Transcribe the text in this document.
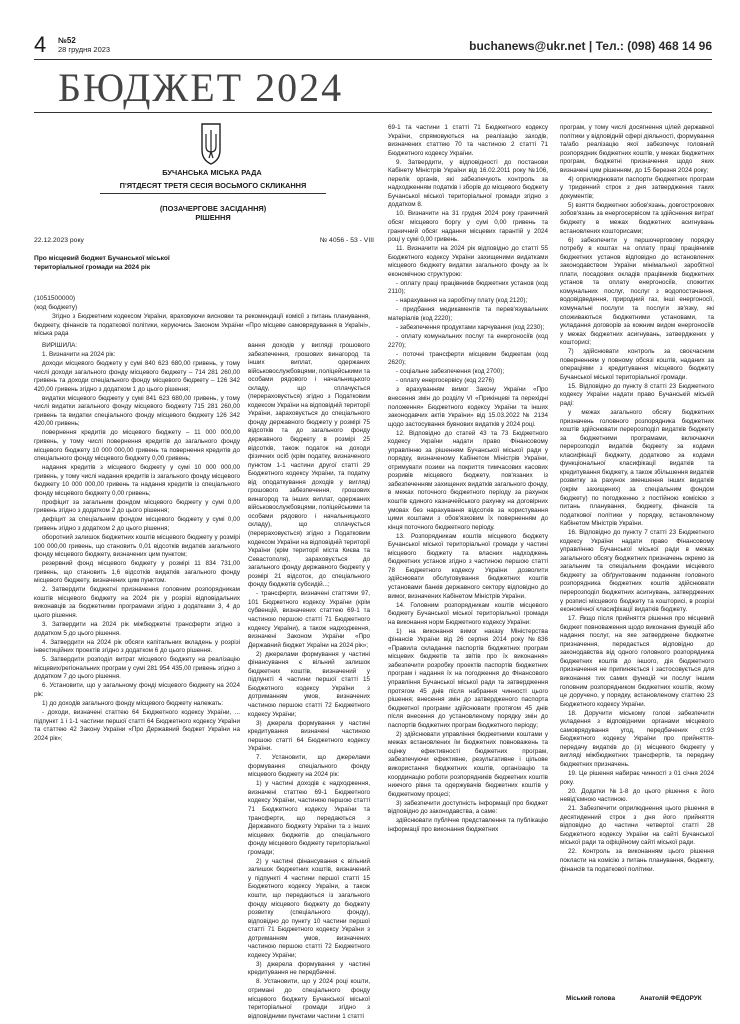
4 №52
28 грудня 2023	buchanews@ukr.net | Тел.: (098) 468 14 96
БЮДЖЕТ 2024
БУЧАНСЬКА МІСЬКА РАДА
П'ЯТДЕСЯТ ТРЕТЯ СЕСІЯ ВОСЬМОГО СКЛИКАННЯ
(ПОЗАЧЕРГОВЕ ЗАСІДАННЯ)
РІШЕННЯ
22.12.2023 року	№ 4056 - 53 - VIII
Про місцевий бюджет Бучанської міської територіальної громади на 2024 рік
(1051500000)
(код бюджету)
Згідно з Бюджетним кодексом України, враховуючи висновки та рекомендації комісії з питань планування, бюджету, фінансів та податкової політики, керуючись Законом України «Про місцеве самоврядування в Україні», міська рада

ВИРІШИЛА:

1. Визначити на 2024 рік:

доходи місцевого бюджету у сумі 840 623 680,00 гривень, у тому числі доходи загального фонду місцевого бюджету – 714 281 260,00 гривень та доходи спеціального фонду місцевого бюджету – 126 342 420,00 гривень згідно з додатком 1 до цього рішення;

видатки місцевого бюджету у сумі 841 623 680,00 гривень, у тому числі видатки загального фонду місцевого бюджету 715 281 260,00 гривень та видатки спеціального фонду місцевого бюджету 126 342 420,00 гривень;

повернення кредитів до місцевого бюджету – 11 000 000,00 гривень, у тому числі повернення кредитів до загального фонду місцевого бюджету 10 000 000,00 гривень та повернення кредитів до спеціального фонду місцевого бюджету 0,00 гривень;

надання кредитів з місцевого бюджету у сумі 10 000 000,00 гривень, у тому числі надання кредитів із загального фонду місцевого бюджету 10 000 000,00 гривень та надання кредитів із спеціального фонду місцевого бюджету 0,00 гривень;

профіцит за загальним фондом місцевого бюджету у сумі 0,00 гривень згідно з додатком 2 до цього рішення;

дефіцит за спеціальним фондом місцевого бюджету у сумі 0,00 гривень згідно з додатком 2 до цього рішення;

оборотний залишок бюджетних коштів місцевого бюджету у розмірі 100 000,00 гривень, що становить 0,01 відсотків видатків загального фонду місцевого бюджету, визначених цим пунктом;

резервний фонд місцевого бюджету у розмірі 11 834 731,00 гривень, що становить 1,6 відсотків видатків загального фонду місцевого бюджету, визначених цим пунктом.

2. Затвердити бюджетні призначення головним розпорядникам коштів місцевого бюджету на 2024 рік у розрізі відповідальних виконавців за бюджетними програмами згідно з додатками 3, 4 до цього рішення.

3. Затвердити на 2024 рік міжбюджетні трансферти згідно з додатком 5 до цього рішення.

4. Затвердити на 2024 рік обсяги капітальних вкладень у розрізі інвестиційних проектів згідно з додатком 6 до цього рішення.

5. Затвердити розподіл витрат місцевого бюджету на реалізацію місцевих/регіональних програм у сумі 281 954 435,00 гривень згідно з додатком 7 до цього рішення.

6. Установити, що у загальному фонді місцевого бюджету на 2024 рік:

1) до доходів загального фонду місцевого бюджету належать:

- доходи, визначені статтею 64 Бюджетного кодексу України, ... підпункт 1 і 1-1 частини першої статті 64 Бюджетного кодексу України та статтею 42 Закону України «Про Державний бюджет України на 2024 рік»;

вання доходів у вигляді грошового забезпечення, грошових винагород та інших виплат, одержаних військовослужбовцями, поліцейськими та особами рядового і начальницького складу, що сплачується (перераховується) згідно з Податковим кодексом України на відповідній території України, зараховується до спеціального фонду державного бюджету у розмірі 75 відсотків та до загального фонду державного бюджету в розмірі 25 відсотків, також податок на доходи фізичних осіб (крім податку, визначеного пунктом 1-1 частини другої статті 29 Бюджетного кодексу України, та податку від оподаткування доходів у вигляді грошового забезпечення, грошових винагород та інших виплат, одержаних військовослужбовцями, поліцейськими та особами рядового і начальницького складу), що сплачується (перераховується) згідно з Податковим кодексом України на відповідній території України (крім території міста Києва та Севастополя), зараховується до загального фонду державного бюджету у розмірі 21 відсоток, до спеціального фонду бюджетів субсидій...;

- трансферти, визначені статтями 97, 101 Бюджетного кодексу України (крім субвенцій, визначених статтею 69-1 та частиною першою статті 71 Бюджетного кодексу України), а також надходження, визначені Законом України «Про Державний бюджет України на 2024 рік»;

2) джерелами формування у частині фінансування є вільний залишок бюджетних коштів, визначений у підпункті 4 частини першої статті 15 Бюджетного кодексу України з дотриманням умов, визначених частиною першою статті 72 Бюджетного кодексу України;

3) джерела формування у частині кредитування визначені частиною першою статті 64 Бюджетного кодексу України.

7. Установити, що джерелами формування спеціального фонду місцевого бюджету на 2024 рік:

1) у частині доходів є надходження, визначені статтею 69-1 Бюджетного кодексу України, частиною першою статті 71 Бюджетного кодексу України та трансферти, що передаються з Державного бюджету України та з інших місцевих бюджетів до спеціального фонду місцевого бюджету територіальної громади;

2) у частині фінансування є вільний залишок бюджетних коштів, визначений у підпункті 4 частини першої статті 15 Бюджетного кодексу України, а також кошти, що передаються із загального фонду місцевого бюджету до бюджету розвитку (спеціального фонду), відповідно до пункту 10 частини першої статті 71 Бюджетного кодексу України з дотриманням умов, визначених частиною першою статті 72 Бюджетного кодексу України;

3) джерела формування у частині кредитування не передбачені.

8. Установити, що у 2024 році кошти, отримані до спеціального фонду місцевого бюджету Бучанської міської територіальної громади згідно з відповідними пунктами частини 1 статті

69-1 та частини 1 статті 71 Бюджетного кодексу України, спрямовуються на реалізацію заходів, визначених статтею 70 та частиною 2 статті 71 Бюджетного кодексу України.

9. Затвердити, у відповідності до постанови Кабінету Міністрів України від 16.02.2011 року №106, перелік органів, які забезпечують контроль за надходженням податків і зборів до місцевого бюджету Бучанської міської територіальної громади згідно з додатком 8.

10. Визначити на 31 грудня 2024 року граничний обсяг місцевого боргу у сумі 0,00 гривень та граничний обсяг надання місцевих гарантій у 2024 році у сумі 0,00 гривень.

11. Визначити на 2024 рік відповідно до статті 55 Бюджетного кодексу України захищеними видатками місцевого бюджету видатки загального фонду за їх економічною структурою:

- оплату праці працівників бюджетних установ (код 2110);

- нарахування на заробітну плату (код 2120);

- придбання медикаментів та перев'язувальних матеріалів (код 2220);

- забезпечення продуктами харчування (код 2230);

- оплату комунальних послуг та енергоносіїв (код 2270);

- поточні трансферти місцевим бюджетам (код 2620);

- соціальне забезпечення (код 2700);

- оплату енергосервісу (код 2276)

з врахуванням вимог Закону України «Про внесення змін до розділу VI «Прикінцеві та перехідні положення» Бюджетного кодексу України та інших законодавчих актів України» від 15.03.2022 № 2134 щодо застосування бувнових видатків у 2024 році.

12. Відповідно до статей 43 та 73 Бюджетного кодексу України надати право Фінансовому управлінню за рішенням Бучанської міської ради у порядку, визначеному Кабінетом Міністрів України, отримувати позики на покриття тимчасових касових розривів місцевого бюджету, пов'язаних із забезпеченням захищених видатків загального фонду, в межах поточного бюджетного періоду за рахунок коштів єдиного казначейського рахунку на договірних умовах без нарахування відсотків за користування цими коштами з обов'язковим їх поверненням до кінця поточного бюджетного періоду.

13. Розпорядникам коштів місцевого бюджету Бучанської міської територіальної громади у частині місцевого бюджету та власних надходжень бюджетних установ згідно з частиною першою статті 78 Бюджетного кодексу України дозволити здійснювати обслуговування бюджетних коштів установами банків державного сектору відповідно до вимог, визначених Кабінетом Міністрів України.

14. Головним розпорядникам коштів місцевого бюджету Бучанської міської територіальної громади на виконання норм Бюджетного кодексу України:

1) на виконання вимог наказу Міністерства фінансів України від 26 серпня 2014 року №836 «Правила складання паспортів бюджетних програм місцевих бюджетів та звітів про їх виконання» забезпечити розробку проектів паспортів бюджетних програм і надання їх на погодження до Фінансового управління Бучанської міської ради та затвердження протягом 45 днів після набрання чинності цього рішення; внесення змін до затвердженого паспорта бюджетної програми здійснювати протягом 45 днів після внесення до установленому порядку змін до паспортів бюджетних програм бюджетного періоду;

2) здійснювати управління бюджетними коштами у межах встановлених їм бюджетних повноважень та оцінку ефективності бюджетних програм, забезпечуючи ефективне, результативне і цільове використання бюджетних коштів, організацію та координацію роботи розпорядників бюджетних коштів нижчого рівня та одержувачів бюджетних коштів у бюджетному процесі;

3) забезпечити доступність інформації про бюджет відповідно до законодавства, а саме:

здійснювати публічне представлення та публікацію інформації про виконання бюджетних

програм, у тому числі досягнення цілей державної політики у відповідній сфері діяльності, формування та/або реалізацію якої забезпечує головний розпорядник бюджетних коштів, у межах бюджетних програм, бюджетні призначення щодо яких визначені цим рішенням, до 15 березня 2024 року;

4) оприлюднювати паспорти бюджетних програм у триденний строк з дня затвердження таких документів;

5) взяття бюджетних зобов'язань, довгострокових зобов'язань за енергосервісом та здійснення витрат бюджету в межах бюджетних асигнувань встановлених кошторисами;

6) забезпечити у першочерговому порядку потребу в коштах на оплату праці працівників бюджетних установ відповідно до встановлених законодавством України мінімальної заробітної плати, посадових окладів працівників бюджетних установ та оплату енергоносіїв, спожитих комунальних послуг, послуг з водопостачання, водовідведення, природний газ, інші енергоносії, комунальні послуги та послуги зв'язку, які споживаються бюджетними установами, та укладання договорів за кожним видом енергоносіїв у межах бюджетних асигнувань, затверджених у кошторисі;

7) здійснювати контроль за своєчасним поверненням у повному обсязі коштів, наданих за операціями з кредитування місцевого бюджету Бучанської міської територіальної громади.

15. Відповідно до пункту 8 статті 23 Бюджетного кодексу України надати право Бучанській міській раді:

у межах загального обсягу бюджетних призначень головного розпорядника бюджетних коштів здійснювати перерозподіл видатків бюджету за бюджетними програмами, включаючи перерозподіл видатків бюджету за кодами класифікації бюджету, додатково за кодами функціональної класифікації видатків та кредитування бюджету, а також збільшення видатків розвитку за рахунок зменшення інших видатків (окрім захищених) за спеціальним фондом бюджету) по погодженню з постійною комісією з питань планування, бюджету, фінансів та податкової політики у порядку, встановленому Кабінетом Міністрів України.

16. Відповідно до пункту 7 статті 23 Бюджетного кодексу України надати право Фінансовому управлінню Бучанської міської ради в межах загального обсягу бюджетних призначень окремо за загальним та спеціальним фондами місцевого бюджету за обґрунтованим поданням головного розпорядника бюджетних коштів здійснювати перерозподіл бюджетних асигнувань, затверджених у розписі місцевого бюджету та кошторисі, в розрізі економічної класифікації видатків бюджету.

17. Якщо після прийняття рішення про місцевий бюджет повноваження щодо виконання функцій або надання послуг, на яке затверджене бюджетне призначення, передається відповідно до законодавства від одного головного розпорядника бюджетних коштів до іншого, дія бюджетного призначення не припиняється і застосовується для виконання тих самих функцій чи послуг іншим головним розпорядником бюджетних коштів, якому це доручено, у порядку, встановленому статтею 23 Бюджетного кодексу України.

18. Доручити міському голові забезпечити укладення з відповідними органами місцевого самоврядування угод, передбачених ст.93 Бюджетного кодексу України про прийняття-передачу видатків до (з) місцевого бюджету у вигляді міжбюджетних трансфертів, та передачу бюджетних призначень.

19. Це рішення набирає чинності з 01 січня 2024 року.

20. Додатки №1-8 до цього рішення є його невід'ємною частиною.

21. Забезпечити оприлюднення цього рішення в десятиденний строк з дня його прийняття відповідно до частини четвертої статті 28 Бюджетного кодексу України на сайті Бучанської міської ради та офіційному сайті міської ради.

22. Контроль за виконанням цього рішення покласти на комісію з питань планування, бюджету, фінансів та податкової політики.

Міський голова	Анатолій ФЕДОРУК
